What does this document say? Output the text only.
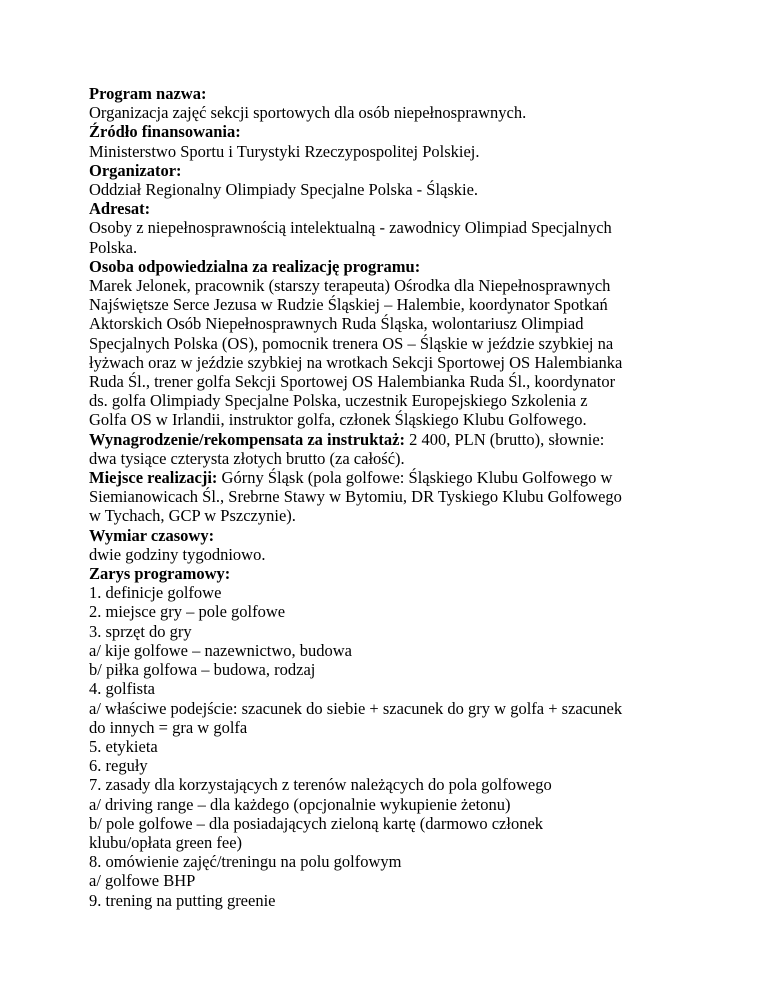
Program nazwa:

Organizacja zajęć sekcji sportowych dla osób niepełnosprawnych.

Źródło finansowania:

Ministerstwo Sportu i Turystyki Rzeczypospolitej Polskiej.

Organizator:

Oddział Regionalny Olimpiady Specjalne Polska - Śląskie.

Adresat:

Osoby z niepełnosprawnością intelektualną - zawodnicy Olimpiad Specjalnych

Polska.

Osoba odpowiedzialna za realizację programu:

Marek Jelonek, pracownik (starszy terapeuta) Ośrodka dla Niepełnosprawnych

Najświętsze Serce Jezusa w Rudzie Śląskiej – Halembie, koordynator Spotkań

Aktorskich Osób Niepełnosprawnych Ruda Śląska, wolontariusz Olimpiad

Specjalnych Polska (OS), pomocnik trenera OS – Śląskie w jeździe szybkiej na

łyżwach oraz w jeździe szybkiej na wrotkach Sekcji Sportowej OS Halembianka

Ruda Śl., trener golfa Sekcji Sportowej OS Halembianka Ruda Śl., koordynator

ds. golfa Olimpiady Specjalne Polska, uczestnik Europejskiego Szkolenia z

Golfa OS w Irlandii, instruktor golfa, członek Śląskiego Klubu Golfowego.

Wynagrodzenie/rekompensata za instruktaż: 2 400, PLN (brutto), słownie:

dwa tysiące czterysta złotych brutto (za całość).

Miejsce realizacji: Górny Śląsk (pola golfowe: Śląskiego Klubu Golfowego w

Siemianowicach Śl., Srebrne Stawy w Bytomiu, DR Tyskiego Klubu Golfowego

w Tychach, GCP w Pszczynie).

Wymiar czasowy:

dwie godziny tygodniowo.

Zarys programowy:

1. definicje golfowe

2. miejsce gry – pole golfowe

3. sprzęt do gry

a/ kije golfowe – nazewnictwo, budowa

b/ piłka golfowa – budowa, rodzaj

4. golfista

a/ właściwe podejście: szacunek do siebie + szacunek do gry w golfa + szacunek

do innych = gra w golfa

5. etykieta

6. reguły

7. zasady dla korzystających z terenów należących do pola golfowego

a/ driving range – dla każdego (opcjonalnie wykupienie żetonu)

b/ pole golfowe – dla posiadających zieloną kartę (darmowo członek

klubu/opłata green fee)

8. omówienie zajęć/treningu na polu golfowym

a/ golfowe BHP

9. trening na putting greenie
